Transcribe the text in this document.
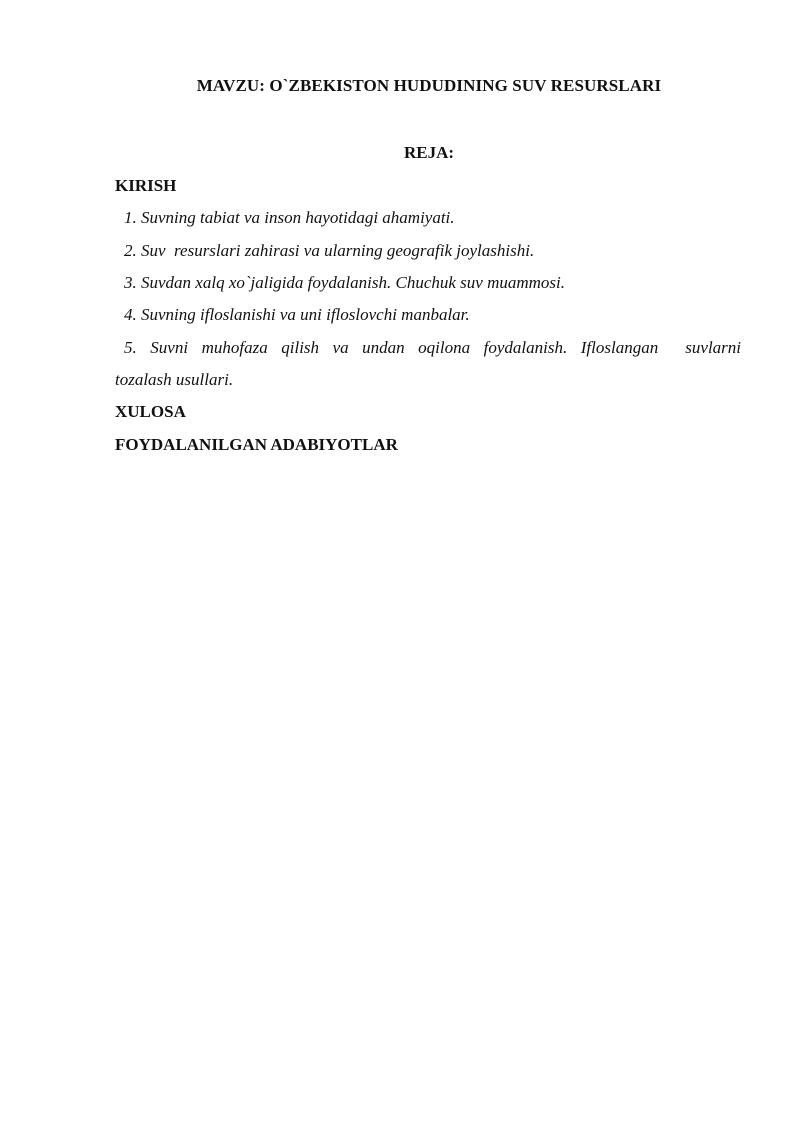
MAVZU: O`ZBEKISTON HUDUDINING SUV RESURSLARI
REJA:
KIRISH

1. Suvning tabiat va inson hayotidagi ahamiyati.

2. Suv  resurslari zahirasi va ularning geografik joylashishi.

3. Suvdan xalq xo`jaligida foydalanish. Chuchuk suv muammosi.

4. Suvning ifloslanishi va uni ifloslovchi manbalar.

5. Suvni muhofaza qilish va undan oqilona foydalanish. Ifloslangan  suvlarni
tozalash usullari.
XULOSA
FOYDALANILGAN ADABIYOTLAR
